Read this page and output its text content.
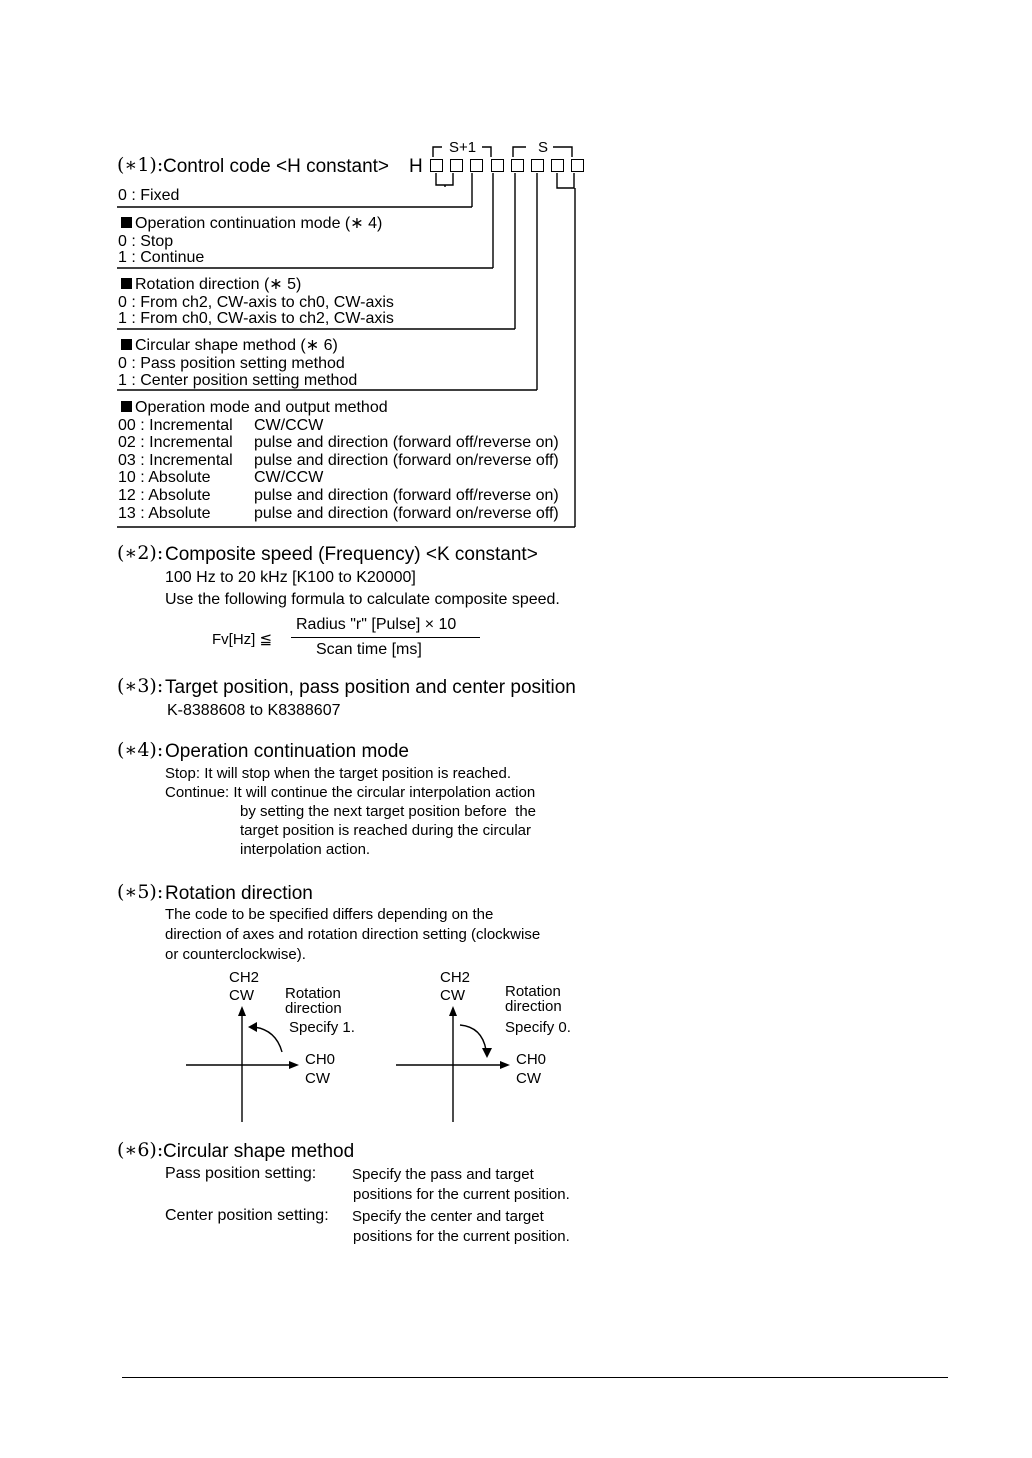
(∗1): Control code <H constant> H
S+1	S
0 : Fixed
Operation continuation mode (∗ 4)
0 : Stop
1 : Continue
Rotation direction (∗ 5)
0 : From ch2, CW-axis to ch0, CW-axis
1 : From ch0, CW-axis to ch2, CW-axis
Circular shape method (∗ 6)
0 : Pass position setting method
1 : Center position setting method
Operation mode and output method
00 : Incremental CW/CCW
02 : Incremental pulse and direction (forward off/reverse on)
03 : Incremental pulse and direction (forward on/reverse off)
10 : Absolute	CW/CCW
12 : Absolute	pulse and direction (forward off/reverse on)
13 : Absolute	pulse and direction (forward on/reverse off)
(∗2): Composite speed (Frequency) <K constant>
100 Hz to 20 kHz [K100 to K20000]
Use the following formula to calculate composite speed.
Fv[Hz] ≦
Radius "r" [Pulse] × 10
Scan time [ms]
(∗3): Target position, pass position and center position
K-8388608 to K8388607
(∗4): Operation continuation mode
Stop: It will stop when the target position is reached.
Continue: It will continue the circular interpolation action
by setting the next target position before  the
target position is reached during the circular
interpolation action.
(∗5): Rotation direction
The code to be specified differs depending on the
direction of axes and rotation direction setting (clockwise
or counterclockwise).
CH2
CW Rotation
direction
Specify 1.
CH0
CW
CH2
CW	Rotation
direction
Specify 0.
CH0
CW
(∗6): Circular shape method
Pass position setting: Specify the pass and target
positions for the current position.
Center position setting: Specify the center and target
positions for the current position.
